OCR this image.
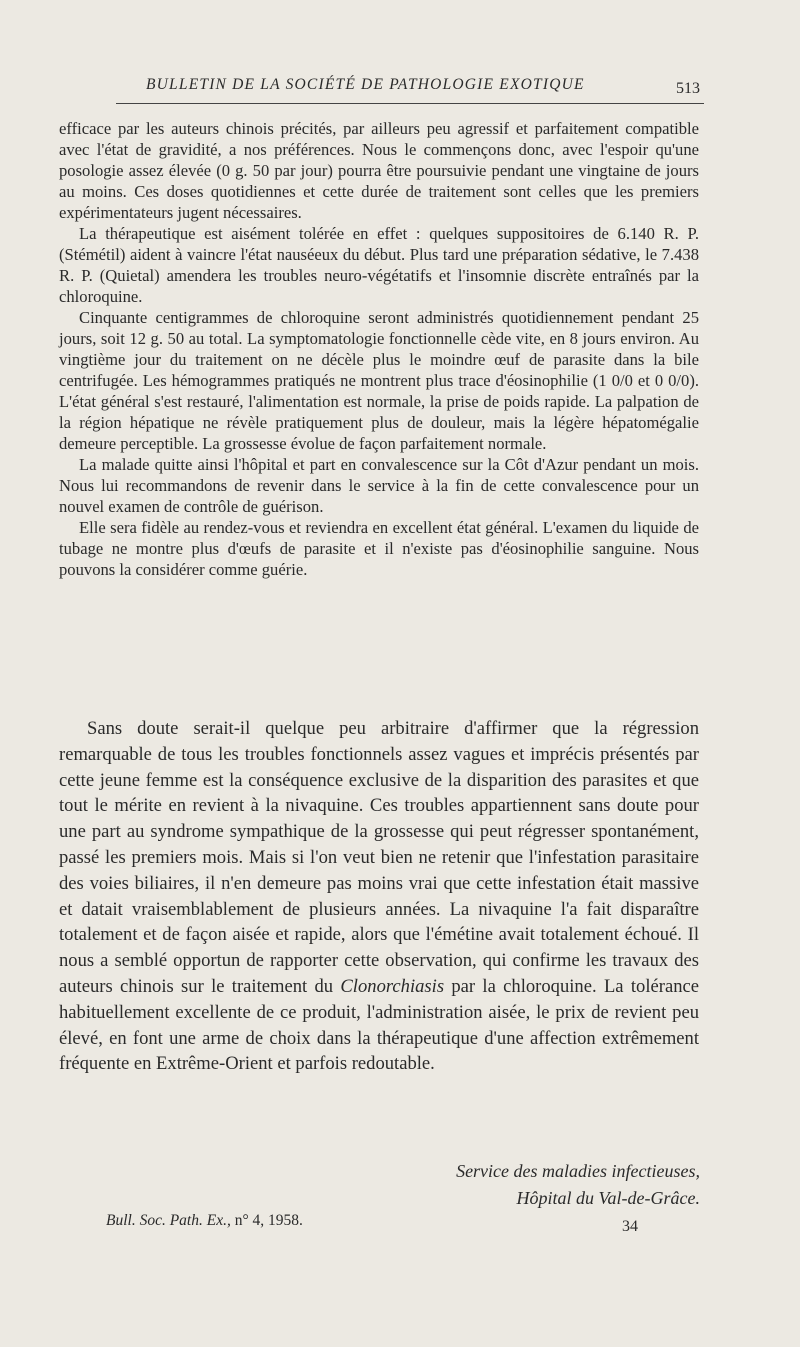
BULLETIN DE LA SOCIÉTÉ DE PATHOLOGIE EXOTIQUE	513

efficace par les auteurs chinois précités, par ailleurs peu agressif et parfaitement compatible avec l'état de gravidité, a nos préférences. Nous le commençons donc, avec l'espoir qu'une posologie assez élevée (0 g. 50 par jour) pourra être poursuivie pendant une vingtaine de jours au moins. Ces doses quotidiennes et cette durée de traitement sont celles que les premiers expérimentateurs jugent nécessaires.

La thérapeutique est aisément tolérée en effet : quelques suppositoires de 6.140 R. P. (Stémétil) aident à vaincre l'état nauséeux du début. Plus tard une préparation sédative, le 7.438 R. P. (Quietal) amendera les troubles neuro-végétatifs et l'insomnie discrète entraînés par la chloroquine.

Cinquante centigrammes de chloroquine seront administrés quotidiennement pendant 25 jours, soit 12 g. 50 au total. La symptomatologie fonctionnelle cède vite, en 8 jours environ. Au vingtième jour du traitement on ne décèle plus le moindre œuf de parasite dans la bile centrifugée. Les hémogrammes pratiqués ne montrent plus trace d'éosinophilie (1 0/0 et 0 0/0). L'état général s'est restauré, l'alimentation est normale, la prise de poids rapide. La palpation de la région hépatique ne révèle pratiquement plus de douleur, mais la légère hépatomégalie demeure perceptible. La grossesse évolue de façon parfaitement normale.

La malade quitte ainsi l'hôpital et part en convalescence sur la Côt d'Azur pendant un mois. Nous lui recommandons de revenir dans le service à la fin de cette convalescence pour un nouvel examen de contrôle de guérison.

Elle sera fidèle au rendez-vous et reviendra en excellent état général. L'examen du liquide de tubage ne montre plus d'œufs de parasite et il n'existe pas d'éosinophilie sanguine. Nous pouvons la considérer comme guérie.

Sans doute serait-il quelque peu arbitraire d'affirmer que la régression remarquable de tous les troubles fonctionnels assez vagues et imprécis présentés par cette jeune femme est la conséquence exclusive de la disparition des parasites et que tout le mérite en revient à la nivaquine. Ces troubles appartiennent sans doute pour une part au syndrome sympathique de la grossesse qui peut régresser spontanément, passé les premiers mois. Mais si l'on veut bien ne retenir que l'infestation parasitaire des voies biliaires, il n'en demeure pas moins vrai que cette infestation était massive et datait vraisemblablement de plusieurs années. La nivaquine l'a fait disparaître totalement et de façon aisée et rapide, alors que l'émétine avait totalement échoué. Il nous a semblé opportun de rapporter cette observation, qui confirme les travaux des auteurs chinois sur le traitement du Clonorchiasis par la chloroquine. La tolérance habituellement excellente de ce produit, l'administration aisée, le prix de revient peu élevé, en font une arme de choix dans la thérapeutique d'une affection extrêmement fréquente en Extrême-Orient et parfois redoutable.

Service des maladies infectieuses,
Hôpital du Val-de-Grâce.
Bull. Soc. Path. Ex., n° 4, 1958.	34
